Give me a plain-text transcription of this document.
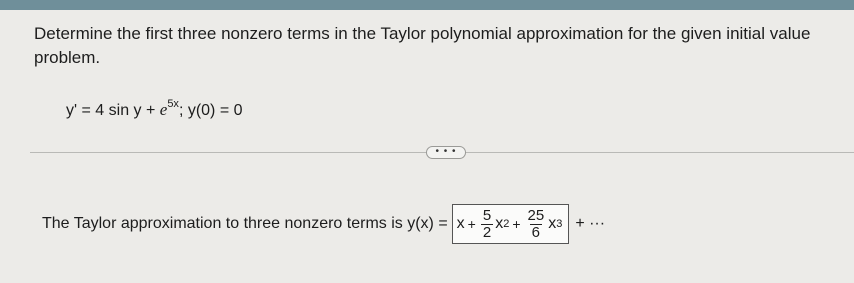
Determine the first three nonzero terms in the Taylor polynomial approximation for the given initial value problem.
y' = 4 $\sin y + e^{5x}$; y(0) = 0
• • •
The Taylor approximation to three nonzero terms is $y(x) = x + \frac{5}{2}$ x $2 + \frac{25}{6}$ x 3 + ···
